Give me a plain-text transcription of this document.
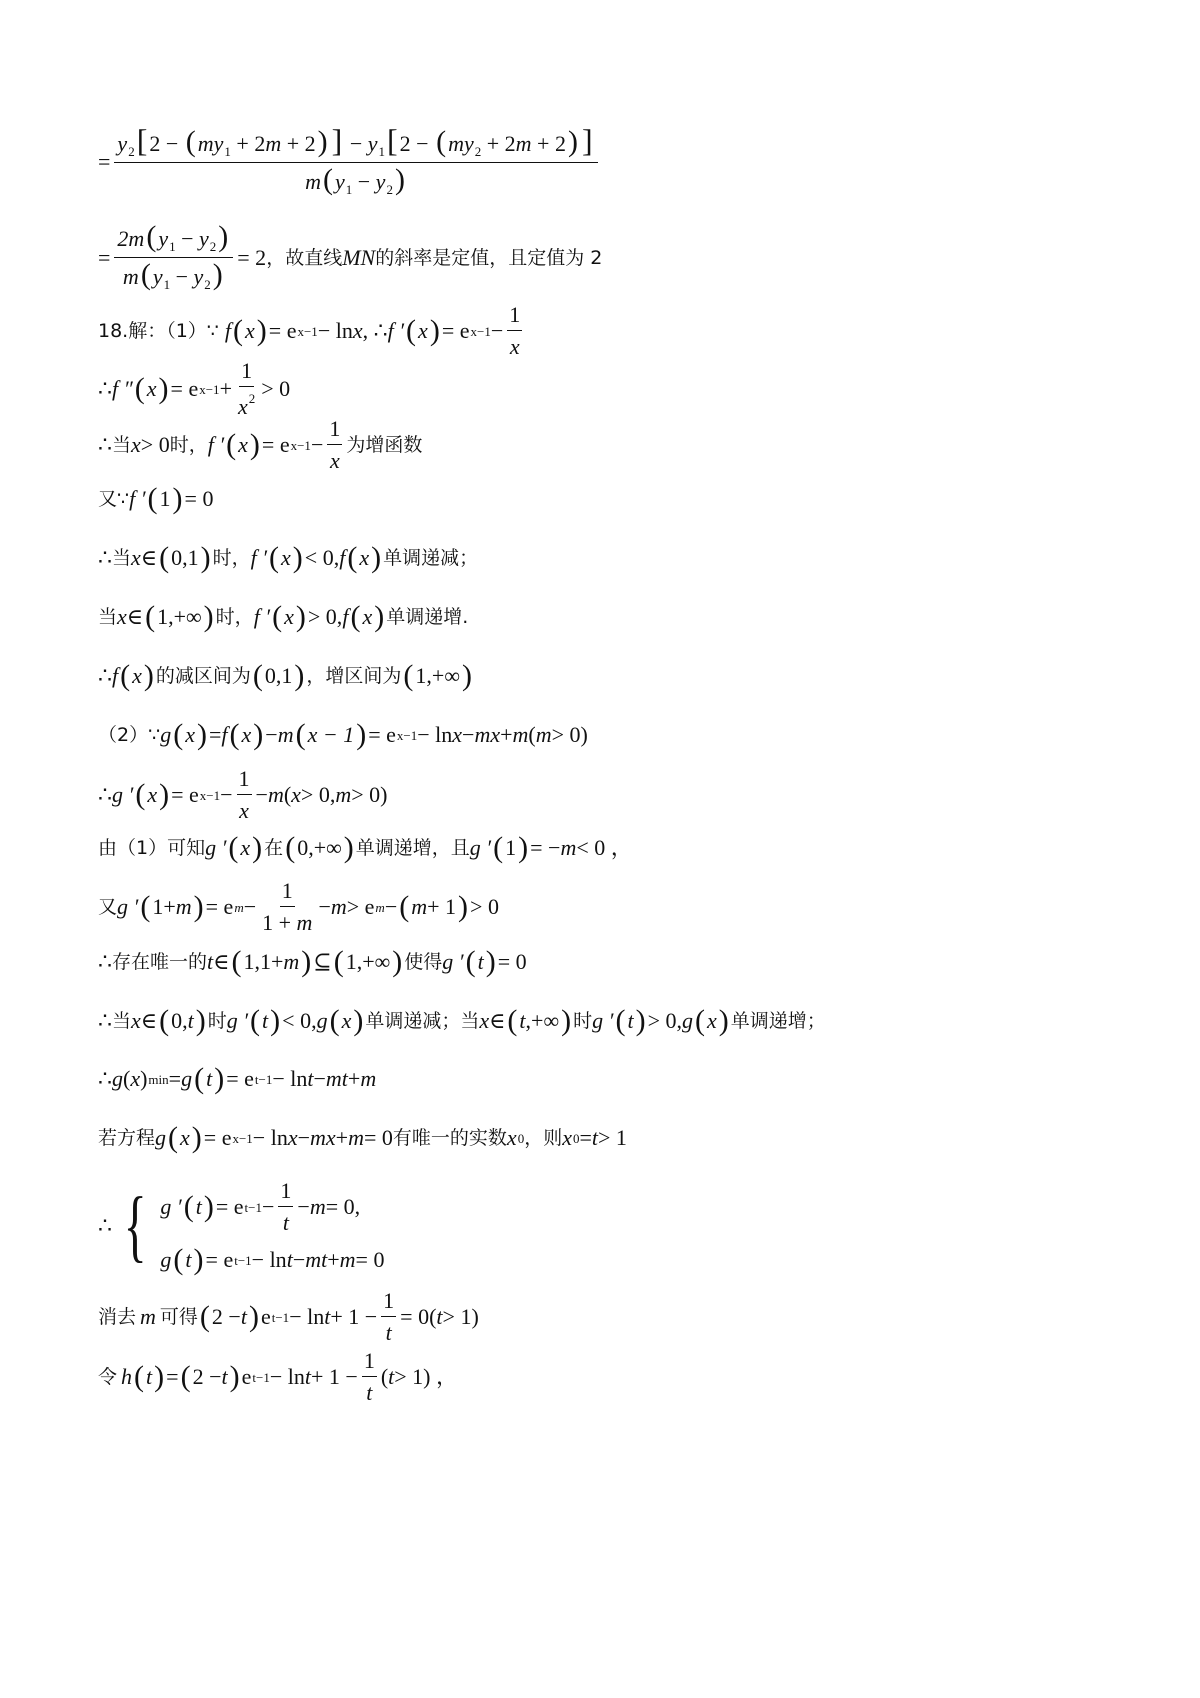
= $\frac{y_2[2 - (my_1 + 2m + 2) ] - y_1[2 - (my_2 + 2m + 2) ]}{m(y_1 - y_2)}$
= $\frac{2m(y_1 - y_2)}{m(y_1 - y_2)} = 2$ ，故直线 MN 的斜率是定值，且定值为 2
18.解：（1）∵ f ( x ) = e x−1 − ln x , ∴ f ′ ( x ) = e $x-1 - \frac{1}{x}$
∴ f ″ ( x ) = e $x-1 + \frac{1}{x^2} > 0$
∴ 当 x > 0 时， f ′ ( x ) = e $x-1 - \frac{1}{x}$ 为增函数
又∵ f ′ ( 1 ) = 0
∴ 当 x ∈ ( 0,1 ) 时， f ′ ( x ) < 0, f ( x ) 单调递减；
当 x ∈ ( 1,+∞ ) 时， f ′ ( x ) > 0, f ( x ) 单调递增.
∴ f ( x ) 的减区间为 ( 0,1 ) ，增区间为 ( 1,+∞ )
（2）∵ g ( x ) = f ( x ) − m ( x − 1 ) = e x−1 − ln x − mx + m ( m > 0)
∴ g ′ ( x ) = e $x-1 - \frac{1}{x} - m$ ( x > 0, m > 0)
由（1）可知 g ′ ( x ) 在 ( 0,+∞ ) 单调递增，且 g ′ ( 1 ) = − m < 0 ，
又 g ′ ( 1+ m ) = e $m - \frac{1}{1 + m} - m > e$ m − ( m + 1 ) > 0
∴ 存在唯一的 t ∈ ( 1,1+ m ) ⊆ ( 1,+∞ ) 使得 g ′ ( t ) = 0
∴ 当 x ∈ ( 0, t ) 时 g ′ ( t ) < 0, g ( x ) 单调递减；当 x ∈ ( t ,+∞ ) 时 g ′ ( t ) > 0, g ( x ) 单调递增；
∴ g ( x ) min = g ( t ) = e t−1 − ln t − mt + m
若方程 g ( x ) = e x−1 − ln x − mx + m = 0 有唯一的实数 x 0 ，则 x 0 = t > 1
∴ { g ′ ( t ) = e $t-1 - \frac{1}{t} - m = 0$,
g ( t ) = e t−1 − ln t − mt + m = 0
消去 m 可得 ( 2 − t ) e $t-1 - \ln t + 1 - \frac{1}{t} = 0$( t > 1)
令 h ( t ) = ( 2 − t ) e $t-1 - \ln t + 1 - \frac{1}{t}$ ( t > 1) ，
